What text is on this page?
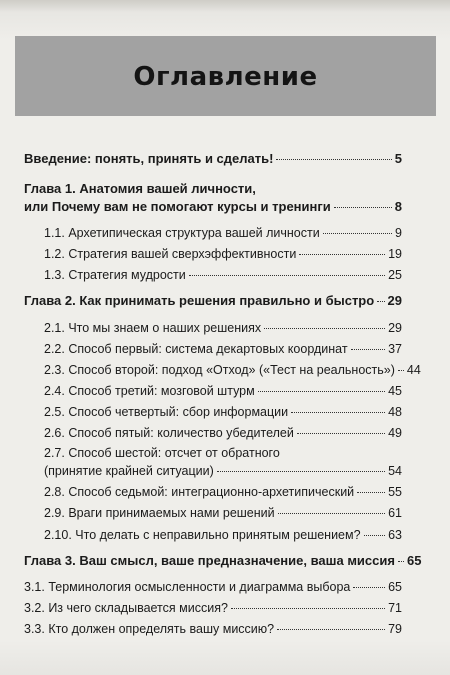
Оглавление
Введение: понять, принять и сделать!	5
Глава 1. Анатомия вашей личности,
или Почему вам не помогают курсы и тренинги	8
1.1. Архетипическая структура вашей личности	9
1.2. Стратегия вашей сверхэффективности	19
1.3. Стратегия мудрости	25
Глава 2. Как принимать решения правильно и быстро 29
2.1. Что мы знаем о наших решениях	29
2.2. Способ первый: система декартовых координат	37
2.3. Способ второй: подход «Отход» («Тест на реальность») 44
2.4. Способ третий: мозговой штурм	45
2.5. Способ четвертый: сбор информации	48
2.6. Способ пятый: количество убедителей	49
2.7. Способ шестой: отсчет от обратного
(принятие крайней ситуации)	54
2.8. Способ седьмой: интеграционно-архетипический	55
2.9. Враги принимаемых нами решений	61
2.10. Что делать с неправильно принятым решением? 63
Глава 3. Ваш смысл, ваше предназначение, ваша миссия 65
3.1. Терминология осмысленности и диаграмма выбора	65
3.2. Из чего складывается миссия?	71
3.3. Кто должен определять вашу миссию?	79
